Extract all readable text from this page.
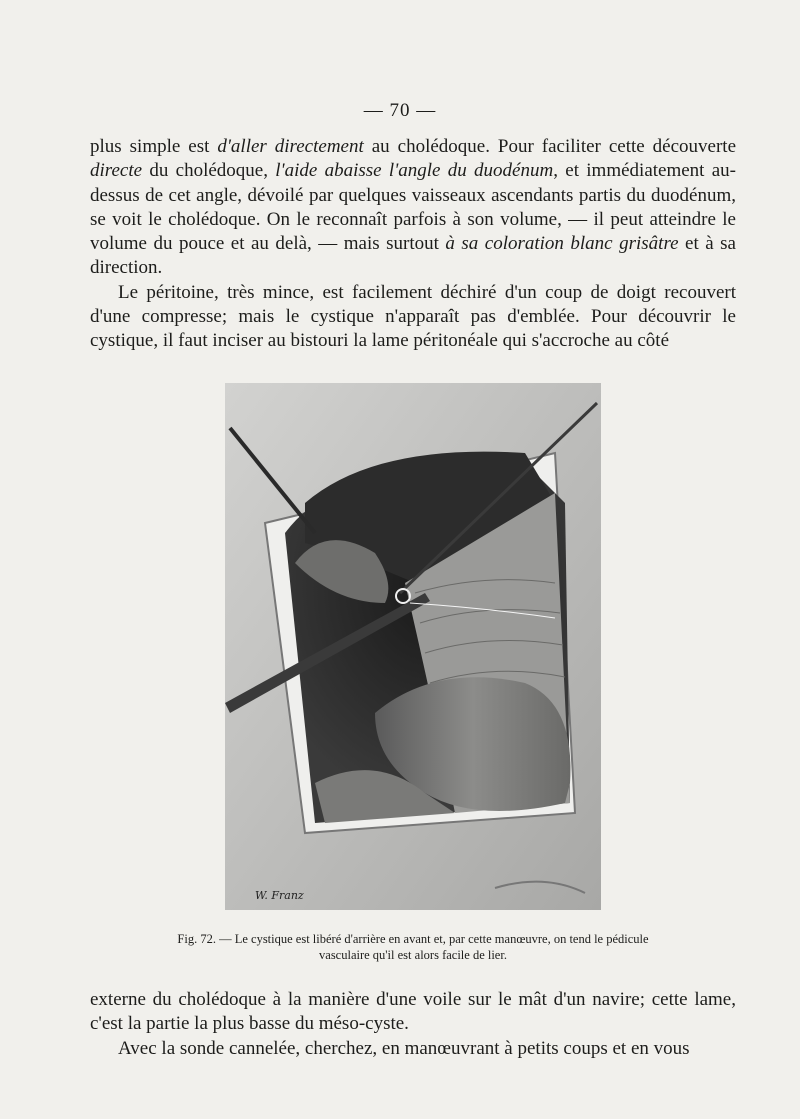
— 70 —
plus simple est d'aller directement au cholédoque. Pour faciliter cette découverte directe du cholédoque, l'aide abaisse l'angle du duodénum, et immédiatement au-dessus de cet angle, dévoilé par quelques vaisseaux ascendants partis du duodénum, se voit le cholédoque. On le reconnaît parfois à son volume, — il peut atteindre le volume du pouce et au delà, — mais surtout à sa coloration blanc grisâtre et à sa direction.
Le péritoine, très mince, est facilement déchiré d'un coup de doigt recouvert d'une compresse; mais le cystique n'apparaît pas d'emblée. Pour découvrir le cystique, il faut inciser au bistouri la lame péritonéale qui s'accroche au côté
W. Franz
Fig. 72. — Le cystique est libéré d'arrière en avant et, par cette manœuvre, on tend le pédicule
vasculaire qu'il est alors facile de lier.
externe du cholédoque à la manière d'une voile sur le mât d'un navire; cette lame, c'est la partie la plus basse du méso-cyste.
Avec la sonde cannelée, cherchez, en manœuvrant à petits coups et en vous
